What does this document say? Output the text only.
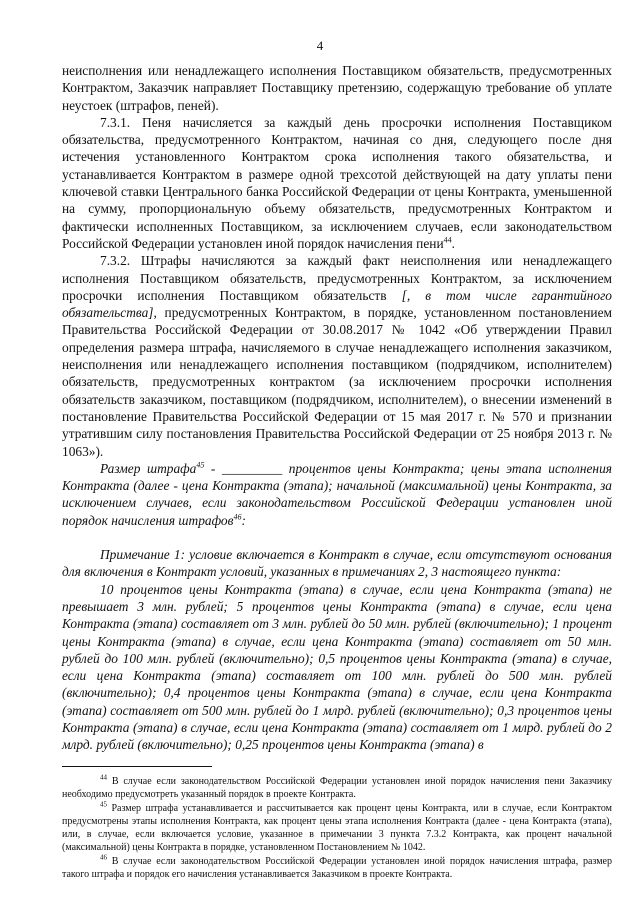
4

неисполнения или ненадлежащего исполнения Поставщиком обязательств, предусмотренных Контрактом, Заказчик направляет Поставщику претензию, содержащую требование об уплате неустоек (штрафов, пеней).

7.3.1. Пеня начисляется за каждый день просрочки исполнения Поставщиком обязательства, предусмотренного Контрактом, начиная со дня, следующего после дня истечения установленного Контрактом срока исполнения такого обязательства, и устанавливается Контрактом в размере одной трехсотой действующей на дату уплаты пени ключевой ставки Центрального банка Российской Федерации от цены Контракта, уменьшенной на сумму, пропорциональную объему обязательств, предусмотренных Контрактом и фактически исполненных Поставщиком, за исключением случаев, если законодательством Российской Федерации установлен иной порядок начисления пени$^{44}$.

7.3.2. Штрафы начисляются за каждый факт неисполнения или ненадлежащего исполнения Поставщиком обязательств, предусмотренных Контрактом, за исключением просрочки исполнения Поставщиком обязательств [, в том числе гарантийного обязательства], предусмотренных Контрактом, в порядке, установленном постановлением Правительства Российской Федерации от 30.08.2017 № 1042 «Об утверждении Правил определения размера штрафа, начисляемого в случае ненадлежащего исполнения заказчиком, неисполнения или ненадлежащего исполнения поставщиком (подрядчиком, исполнителем) обязательств, предусмотренных контрактом (за исключением просрочки исполнения обязательств заказчиком, поставщиком (подрядчиком, исполнителем), о внесении изменений в постановление Правительства Российской Федерации от 15 мая 2017 г. № 570 и признании утратившим силу постановления Правительства Российской Федерации от 25 ноября 2013 г. № 1063»).

Размер штрафа$^{45}$ - _________ процентов цены Контракта; цены этапа исполнения Контракта (далее - цена Контракта (этапа); начальной (максимальной) цены Контракта, за исключением случаев, если законодательством Российской Федерации установлен иной порядок начисления штрафов$^{46}$:

Примечание 1: условие включается в Контракт в случае, если отсутствуют основания для включения в Контракт условий, указанных в примечаниях 2, 3 настоящего пункта:

10 процентов цены Контракта (этапа) в случае, если цена Контракта (этапа) не превышает 3 млн. рублей; 5 процентов цены Контракта (этапа) в случае, если цена Контракта (этапа) составляет от 3 млн. рублей до 50 млн. рублей (включительно); 1 процент цены Контракта (этапа) в случае, если цена Контракта (этапа) составляет от 50 млн. рублей до 100 млн. рублей (включительно); 0,5 процентов цены Контракта (этапа) в случае, если цена Контракта (этапа) составляет от 100 млн. рублей до 500 млн. рублей (включительно); 0,4 процентов цены Контракта (этапа) в случае, если цена Контракта (этапа) составляет от 500 млн. рублей до 1 млрд. рублей (включительно); 0,3 процентов цены Контракта (этапа) в случае, если цена Контракта (этапа) составляет от 1 млрд. рублей до 2 млрд. рублей (включительно); 0,25 процентов цены Контракта (этапа) в

$^{44}$ В случае если законодательством Российской Федерации установлен иной порядок начисления пени Заказчику необходимо предусмотреть указанный порядок в проекте Контракта.

$^{45}$ Размер штрафа устанавливается и рассчитывается как процент цены Контракта, или в случае, если Контрактом предусмотрены этапы исполнения Контракта, как процент цены этапа исполнения Контракта (далее - цена Контракта (этапа), или, в случае, если включается условие, указанное в примечании 3 пункта 7.3.2 Контракта, как процент начальной (максимальной) цены Контракта в порядке, установленном Постановлением № 1042.

$^{46}$ В случае если законодательством Российской Федерации установлен иной порядок начисления штрафа, размер такого штрафа и порядок его начисления устанавливается Заказчиком в проекте Контракта.
